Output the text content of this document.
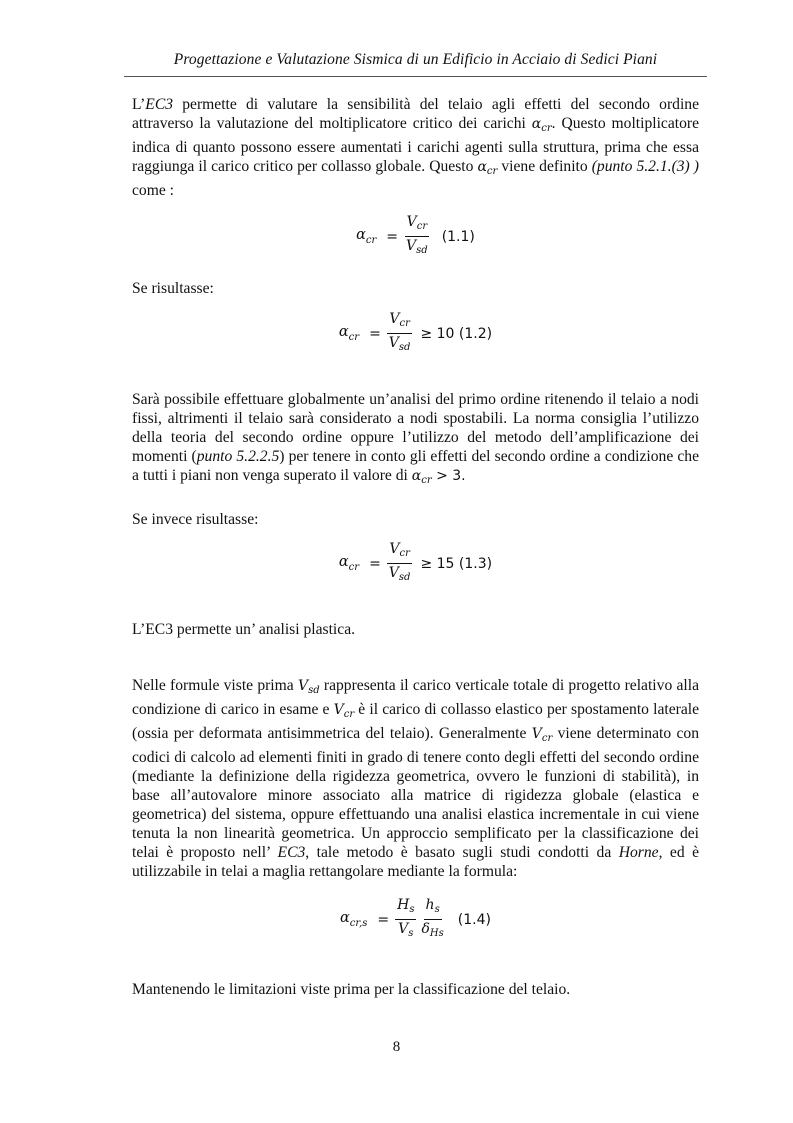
Progettazione e Valutazione Sismica di un Edificio in Acciaio di Sedici Piani

L’EC3 permette di valutare la sensibilità del telaio agli effetti del secondo ordine attraverso la valutazione del moltiplicatore critico dei carichi $\alpha_{cr}$. Questo moltiplicatore indica di quanto possono essere aumentati i carichi agenti sulla struttura, prima che essa raggiunga il carico critico per collasso globale. Questo $\alpha_{cr}$ viene definito (punto 5.2.1.(3) ) come :

$\alpha_{cr} = \frac{V_{cr}}{V_{sd}} (1.1)$

Se risultasse:

$\alpha_{cr} = \frac{V_{cr}}{V_{sd}} \ge 10$ (1.2)

Sarà possibile effettuare globalmente un’analisi del primo ordine ritenendo il telaio a nodi fissi, altrimenti il telaio sarà considerato a nodi spostabili. La norma consiglia l’utilizzo della teoria del secondo ordine oppure l’utilizzo del metodo dell’amplificazione dei momenti (punto 5.2.2.5) per tenere in conto gli effetti del secondo ordine a condizione che a tutti i piani non venga superato il valore di $\alpha_{cr} > 3$.

Se invece risultasse:

$\alpha_{cr} = \frac{V_{cr}}{V_{sd}} \ge 15$ (1.3)

L’EC3 permette un’ analisi plastica.

Nelle formule viste prima $V_{sd}$ rappresenta il carico verticale totale di progetto relativo alla condizione di carico in esame e $V_{cr}$ è il carico di collasso elastico per spostamento laterale (ossia per deformata antisimmetrica del telaio). Generalmente $V_{cr}$ viene determinato con codici di calcolo ad elementi finiti in grado di tenere conto degli effetti del secondo ordine (mediante la definizione della rigidezza geometrica, ovvero le funzioni di stabilità), in base all’autovalore minore associato alla matrice di rigidezza globale (elastica e geometrica) del sistema, oppure effettuando una analisi elastica incrementale in cui viene tenuta la non linearità geometrica. Un approccio semplificato per la classificazione dei telai è proposto nell’ EC3, tale metodo è basato sugli studi condotti da Horne, ed è utilizzabile in telai a maglia rettangolare mediante la formula:

$\alpha_{cr,s} = \frac{H_s}{V_s} \frac{h_s}{\delta_{Hs}} (1.4)$

Mantenendo le limitazioni viste prima per la classificazione del telaio.

8
